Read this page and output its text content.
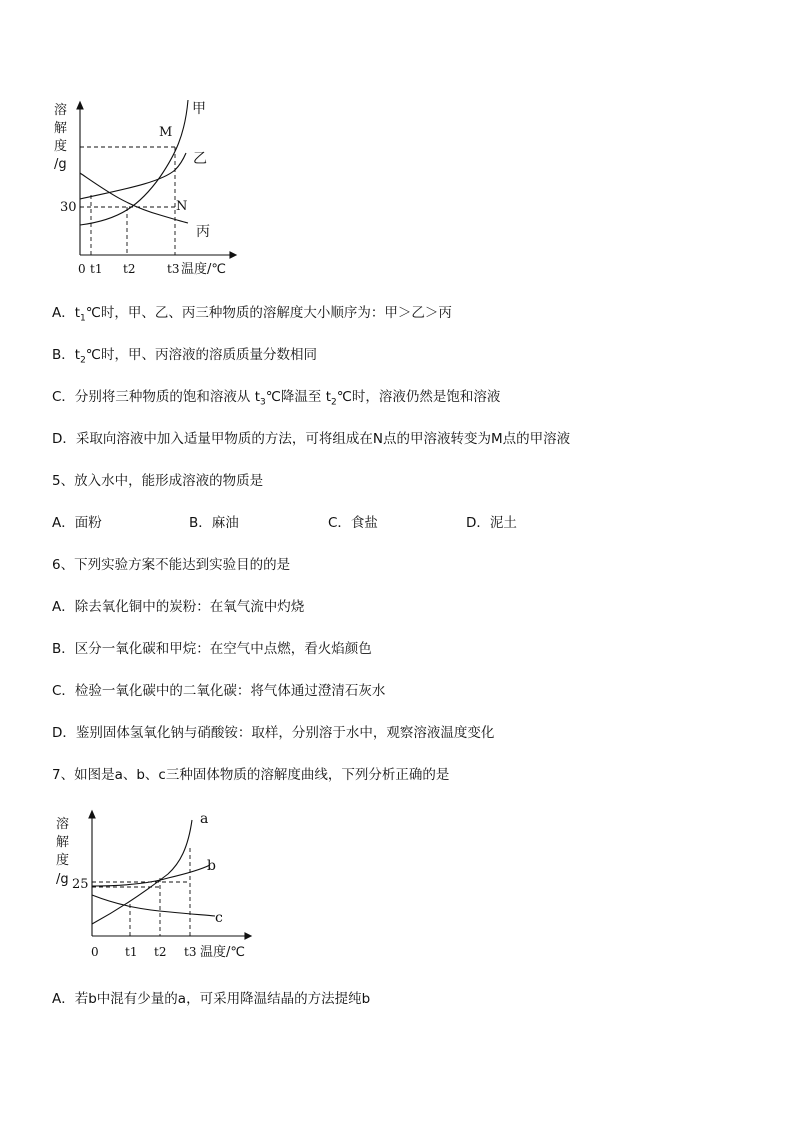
溶
解
度
/g
30
0 t1 t2	t3 温度/℃
甲
乙
丙
M
N
A．$t_1℃$时，甲、乙、丙三种物质的溶解度大小顺序为：甲＞乙＞丙
B．$t_2℃$时，甲、丙溶液的溶质质量分数相同
C．分别将三种物质的饱和溶液从 $t_3℃$降温至 $t_2℃$时，溶液仍然是饱和溶液
D．采取向溶液中加入适量甲物质的方法，可将组成在N点的甲溶液转变为M点的甲溶液
5、放入水中，能形成溶液的物质是
A．面粉	B．麻油	C．食盐	D．泥土
6、下列实验方案不能达到实验目的的是
A．除去氧化铜中的炭粉：在氧气流中灼烧
B．区分一氧化碳和甲烷：在空气中点燃，看火焰颜色
C．检验一氧化碳中的二氧化碳：将气体通过澄清石灰水
D．鉴别固体氢氧化钠与硝酸铵：取样，分别溶于水中，观察溶液温度变化
7、如图是a、b、c三种固体物质的溶解度曲线，下列分析正确的是
溶
解
度
/g 25
0 t1 t2 t3 温度/℃
a
b
c
A．若b中混有少量的a，可采用降温结晶的方法提纯b
